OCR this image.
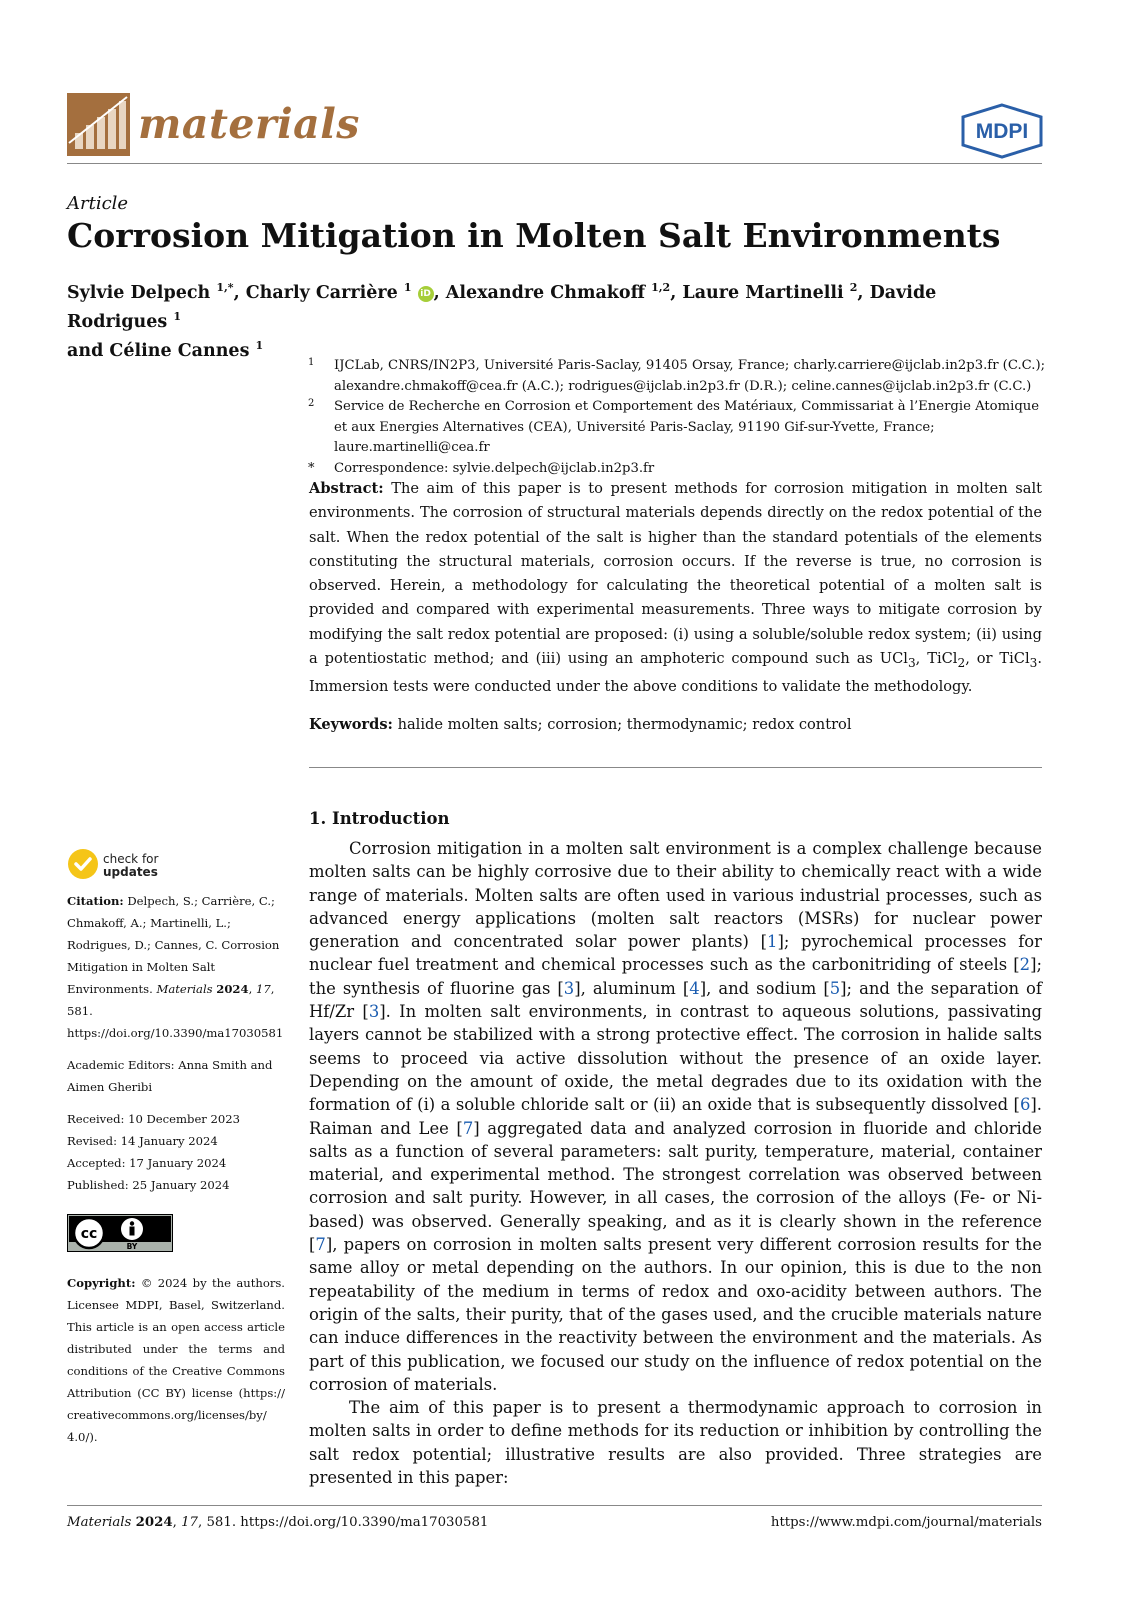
materials	MDPI
Article
Corrosion Mitigation in Molten Salt Environments
Sylvie Delpech $^{1,*}$, Charly Carrière $^1$ iD , Alexandre Chmakoff $^{1,2}$, Laure Martinelli $^2$, Davide Rodrigues $^1$
and Céline Cannes $^1$
1 IJCLab, CNRS/IN2P3, Université Paris-Saclay, 91405 Orsay, France; charly.carriere@ijclab.in2p3.fr (C.C.); alexandre.chmakoff@cea.fr (A.C.); rodrigues@ijclab.in2p3.fr (D.R.); celine.cannes@ijclab.in2p3.fr (C.C.)
2 Service de Recherche en Corrosion et Comportement des Matériaux, Commissariat à l’Energie Atomique et aux Energies Alternatives (CEA), Université Paris-Saclay, 91190 Gif-sur-Yvette, France; laure.martinelli@cea.fr
* Correspondence: sylvie.delpech@ijclab.in2p3.fr
Abstract: The aim of this paper is to present methods for corrosion mitigation in molten salt environments. The corrosion of structural materials depends directly on the redox potential of the salt. When the redox potential of the salt is higher than the standard potentials of the elements constituting the structural materials, corrosion occurs. If the reverse is true, no corrosion is observed. Herein, a methodology for calculating the theoretical potential of a molten salt is provided and compared with experimental measurements. Three ways to mitigate corrosion by modifying the salt redox potential are proposed: (i) using a soluble/soluble redox system; (ii) using a potentiostatic method; and (iii) using an amphoteric compound such as UCl$_3$, TiCl$_2$, or TiCl$_3$. Immersion tests were conducted under the above conditions to validate the methodology.
Keywords: halide molten salts; corrosion; thermodynamic; redox control
check for
updates

Citation: Delpech, S.; Carrière, C.; Chmakoff, A.; Martinelli, L.; Rodrigues, D.; Cannes, C. Corrosion Mitigation in Molten Salt Environments. Materials 2024, 17, 581. https://doi.org/10.3390/ma17030581

Academic Editors: Anna Smith and Aimen Gheribi

Received: 10 December 2023

Revised: 14 January 2024

Accepted: 17 January 2024

Published: 25 January 2024

cc
BY

Copyright: © 2024 by the authors. Licensee MDPI, Basel, Switzerland. This article is an open access article distributed under the terms and conditions of the Creative Commons Attribution (CC BY) license (https:// creativecommons.org/licenses/by/ 4.0/).

1. Introduction

Corrosion mitigation in a molten salt environment is a complex challenge because molten salts can be highly corrosive due to their ability to chemically react with a wide range of materials. Molten salts are often used in various industrial processes, such as advanced energy applications (molten salt reactors (MSRs) for nuclear power generation and concentrated solar power plants) [1]; pyrochemical processes for nuclear fuel treatment and chemical processes such as the carbonitriding of steels [2]; the synthesis of fluorine gas [3], aluminum [4], and sodium [5]; and the separation of Hf/Zr [3]. In molten salt environments, in contrast to aqueous solutions, passivating layers cannot be stabilized with a strong protective effect. The corrosion in halide salts seems to proceed via active dissolution without the presence of an oxide layer. Depending on the amount of oxide, the metal degrades due to its oxidation with the formation of (i) a soluble chloride salt or (ii) an oxide that is subsequently dissolved [6]. Raiman and Lee [7] aggregated data and analyzed corrosion in fluoride and chloride salts as a function of several parameters: salt purity, temperature, material, container material, and experimental method. The strongest correlation was observed between corrosion and salt purity. However, in all cases, the corrosion of the alloys (Fe- or Ni-based) was observed. Generally speaking, and as it is clearly shown in the reference [7], papers on corrosion in molten salts present very different corrosion results for the same alloy or metal depending on the authors. In our opinion, this is due to the non repeatability of the medium in terms of redox and oxo-acidity between authors. The origin of the salts, their purity, that of the gases used, and the crucible materials nature can induce differences in the reactivity between the environment and the materials. As part of this publication, we focused our study on the influence of redox potential on the corrosion of materials.

The aim of this paper is to present a thermodynamic approach to corrosion in molten salts in order to define methods for its reduction or inhibition by controlling the salt redox potential; illustrative results are also provided. Three strategies are presented in this paper:

Materials 2024, 17, 581. https://doi.org/10.3390/ma17030581	https://www.mdpi.com/journal/materials
